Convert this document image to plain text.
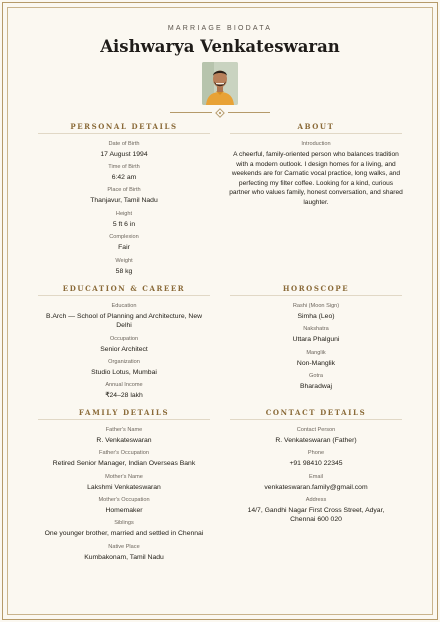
MARRIAGE BIODATA
Aishwarya Venkateswaran
PERSONAL DETAILS
Date of Birth
17 August 1994
Time of Birth
6:42 am
Place of Birth
Thanjavur, Tamil Nadu
Height
5 ft 6 in
Complexion
Fair
Weight
58 kg
ABOUT
Introduction
A cheerful, family-oriented person who balances tradition with a modern outlook. I design homes for a living, and weekends are for Carnatic vocal practice, long walks, and perfecting my filter coffee. Looking for a kind, curious partner who values family, honest conversation, and shared laughter.
EDUCATION & CAREER
Education
B.Arch — School of Planning and Architecture, New Delhi
Occupation
Senior Architect
Organization
Studio Lotus, Mumbai
Annual Income
₹24–28 lakh
HOROSCOPE
Rashi (Moon Sign)
Simha (Leo)
Nakshatra
Uttara Phalguni
Manglik
Non-Manglik
Gotra
Bharadwaj
FAMILY DETAILS
Father's Name
R. Venkateswaran
Father's Occupation
Retired Senior Manager, Indian Overseas Bank
Mother's Name
Lakshmi Venkateswaran
Mother's Occupation
Homemaker
Siblings
One younger brother, married and settled in Chennai
Native Place
Kumbakonam, Tamil Nadu
CONTACT DETAILS
Contact Person
R. Venkateswaran (Father)
Phone
+91 98410 22345
Email
venkateswaran.family@gmail.com
Address
14/7, Gandhi Nagar First Cross Street, Adyar, Chennai 600 020
